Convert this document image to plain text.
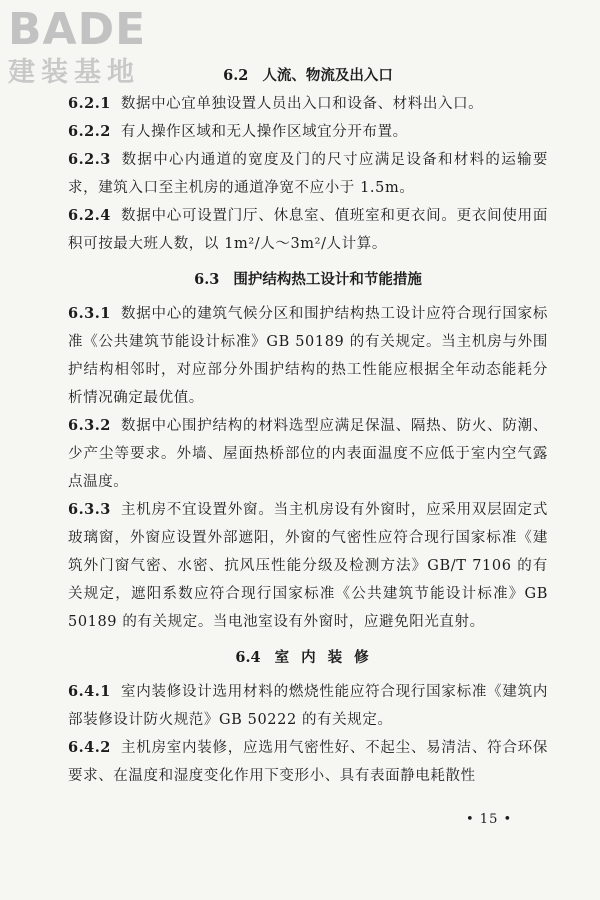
BADE
建装基地	6.2 人流、物流及出入口

6.2.1 数据中心宜单独设置人员出入口和设备、材料出入口。

6.2.2 有人操作区域和无人操作区域宜分开布置。

6.2.3 数据中心内通道的宽度及门的尺寸应满足设备和材料的运输要求，建筑入口至主机房的通道净宽不应小于 1.5m。

6.2.4 数据中心可设置门厅、休息室、值班室和更衣间。更衣间使用面积可按最大班人数，以 1m²/人～3m²/人计算。

6.3 围护结构热工设计和节能措施

6.3.1 数据中心的建筑气候分区和围护结构热工设计应符合现行国家标准《公共建筑节能设计标准》GB 50189 的有关规定。当主机房与外围护结构相邻时，对应部分外围护结构的热工性能应根据全年动态能耗分析情况确定最优值。

6.3.2 数据中心围护结构的材料选型应满足保温、隔热、防火、防潮、少产尘等要求。外墙、屋面热桥部位的内表面温度不应低于室内空气露点温度。

6.3.3 主机房不宜设置外窗。当主机房设有外窗时，应采用双层固定式玻璃窗，外窗应设置外部遮阳，外窗的气密性应符合现行国家标准《建筑外门窗气密、水密、抗风压性能分级及检测方法》GB/T 7106 的有关规定，遮阳系数应符合现行国家标准《公共建筑节能设计标准》GB 50189 的有关规定。当电池室设有外窗时，应避免阳光直射。

6.4 室内装修

6.4.1 室内装修设计选用材料的燃烧性能应符合现行国家标准《建筑内部装修设计防火规范》GB 50222 的有关规定。

6.4.2 主机房室内装修，应选用气密性好、不起尘、易清洁、符合环保要求、在温度和湿度变化作用下变形小、具有表面静电耗散性

• 15 •
